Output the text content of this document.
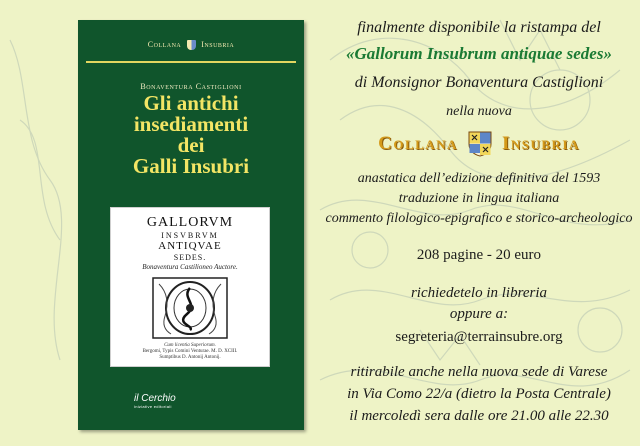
Collana	Insubria
Bonaventura Castiglioni
Gli antichi
insediamenti
dei
Galli Insubri
GALLORVM
INSVBRVM
ANTIQVAE
SEDES.
Bonaventura Castilioneo Auctore.
Cum licentia Superiorum.
Bergomi, Typis Comini Venturae. M. D. XCIII.
Sumptibus D. Antonij Antonij.
il Cerchio
iniziative editoriali
finalmente disponibile la ristampa del
«Gallorum Insubrum antiquae sedes»
di Monsignor Bonaventura Castiglioni
nella nuova
Collana Insubria
anastatica dell’edizione definitiva del 1593
traduzione in lingua italiana
commento filologico-epigrafico e storico-archeologico
208 pagine - 20 euro
richiedetelo in libreria
oppure a:
segreteria@terrainsubre.org
ritirabile anche nella nuova sede di Varese
in Via Como 22/a (dietro la Posta Centrale)
il mercoledì sera dalle ore 21.00 alle 22.30
